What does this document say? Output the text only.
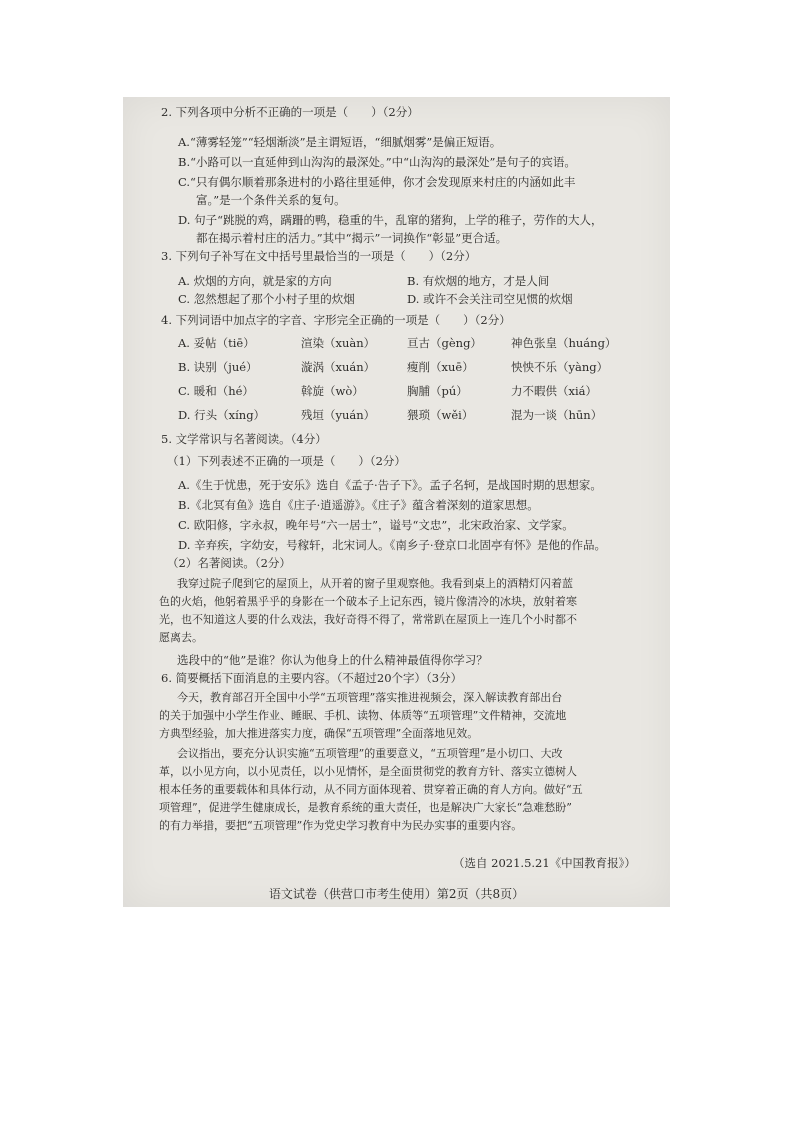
2. 下列各项中分析不正确的一项是（　　）（2分）
A.“薄雾轻笼”“轻烟渐淡”是主谓短语，“细腻烟雾”是偏正短语。
B.“小路可以一直延伸到山沟沟的最深处。”中“山沟沟的最深处”是句子的宾语。
C.“只有偶尔顺着那条进村的小路往里延伸，你才会发现原来村庄的内涵如此丰
富。”是一个条件关系的复句。
D. 句子“跳脱的鸡，蹒跚的鸭，稳重的牛，乱窜的猪狗，上学的稚子，劳作的大人，
都在揭示着村庄的活力。”其中“揭示”一词换作“彰显”更合适。
3. 下列句子补写在文中括号里最恰当的一项是（　　）（2分）
A. 炊烟的方向，就是家的方向	B. 有炊烟的地方，才是人间
C. 忽然想起了那个小村子里的炊烟	D. 或许不会关注司空见惯的炊烟
4. 下列词语中加点字的字音、字形完全正确的一项是（　　）（2分）
A. 妥帖（tiē）	渲染（xuàn）	亘古（gèng）	神色张皇（huáng）
B. 诀别（jué）	漩涡（xuán）	瘦削（xuē）	怏怏不乐（yàng）
C. 暖和（hé）	斡旋（wò）	胸脯（pú）	力不暇供（xiá）
D. 行头（xíng）	残垣（yuán）	猥琐（wěi）	混为一谈（hūn）
5. 文学常识与名著阅读。（4分）
（1）下列表述不正确的一项是（　　）（2分）
A.《生于忧患，死于安乐》选自《孟子·告子下》。孟子名轲，是战国时期的思想家。
B.《北冥有鱼》选自《庄子·逍遥游》。《庄子》蕴含着深刻的道家思想。
C. 欧阳修，字永叔，晚年号“六一居士”，谥号“文忠”，北宋政治家、文学家。
D. 辛弃疾，字幼安，号稼轩，北宋词人。《南乡子·登京口北固亭有怀》是他的作品。
（2）名著阅读。（2分）
我穿过院子爬到它的屋顶上，从开着的窗子里观察他。我看到桌上的酒精灯闪着蓝
色的火焰，他躬着黑乎乎的身影在一个破本子上记东西，镜片像清冷的冰块，放射着寒
光，也不知道这人要的什么戏法，我好奇得不得了，常常趴在屋顶上一连几个小时都不
愿离去。
选段中的“他”是谁？你认为他身上的什么精神最值得你学习？
6. 简要概括下面消息的主要内容。（不超过20个字）（3分）
今天，教育部召开全国中小学“五项管理”落实推进视频会，深入解读教育部出台
的关于加强中小学生作业、睡眠、手机、读物、体质等“五项管理”文件精神，交流地
方典型经验，加大推进落实力度，确保“五项管理”全面落地见效。
会议指出，要充分认识实施“五项管理”的重要意义，“五项管理”是小切口、大改
革，以小见方向，以小见责任，以小见情怀，是全面贯彻党的教育方针、落实立德树人
根本任务的重要载体和具体行动，从不同方面体现着、贯穿着正确的育人方向。做好“五
项管理”，促进学生健康成长，是教育系统的重大责任，也是解决广大家长“急难愁盼”
的有力举措，要把“五项管理”作为党史学习教育中为民办实事的重要内容。
（选自 2021.5.21《中国教育报》）
语文试卷（供营口市考生使用）第2页（共8页）
